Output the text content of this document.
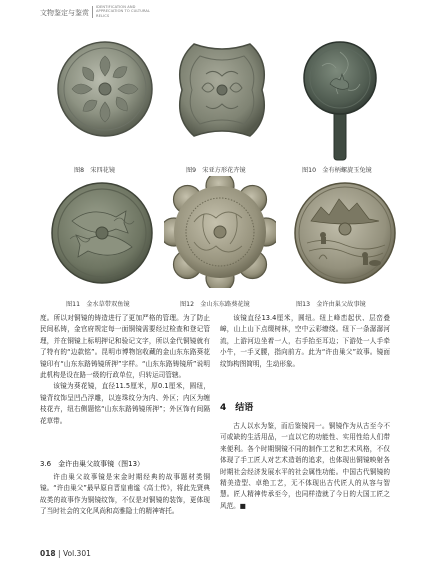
文物鉴定与鉴赏
IDENTIFICATION AND APPRECIATION TO CULTURAL RELICS
图8　宋四花镜	图9　宋亚方形花卉镜	图10　金有柄螺旋玉兔镜
图11　金水草带双鱼镜	图12　金山东东路葵花镜	图13　金许由巢父故事镜

度。所以对铜镜的铸造进行了更加严格的管理。为了防止民间私铸，金官府规定每一面铜镜需要经过检查和登记管理，并在铜镜上标明押记和验记文字，所以金代铜镜就有了特有的“边款铭”。昆明市博物馆收藏的金山东东路葵花镜印有“山东东路铸镜所押”字样。“山东东路铸镜所”说明此机构是设在路一级的行政单位，归转运司管辖。

该镜为葵花镜，直径11.5厘米，厚0.1厘米，圆纽，镜背纹饰呈凹凸浮雕，以连珠纹分为内、外区；内区为缠枝花卉，纽右侧题铭“山东东路铸镜所押”；外区饰有间隔花草带。

3.6　金许由巢父故事镜（图13）

许由巢父故事镜是宋金时期经典的故事题材类铜镜。“许由巢父”最早原自晋皇甫谧《高士传》，将此先贤典故类的故事作为铜镜纹饰，不仅是对铜镜的装饰，更体现了当时社会的文化风尚和高雅隐士的精神寄托。

该镜直径13.4厘米，圆纽。纽上峰峦起伏、层峦叠嶂，山上山下点缀树林，空中云彩缭绕。纽下一条潺潺河流，上游河边坐着一人，右手抬至耳边；下游处一人手牵小牛，一手叉腰，指向前方。此为“许由巢父”故事。镜面纹饰构图简明，生动形象。

4　结语

古人以水为鉴，而后鉴镜同一。铜镜作为从古至今不可或缺的生活用品，一直以它的功能性、实用性给人们带来便利。各个时期铜镜不同的制作工艺和艺术风格，不仅体现了手工匠人对艺术造诣的追求，也体现出铜镜映射各时期社会经济发展水平的社会属性功能。中国古代铜镜的精美造型、卓绝工艺，无不体现出古代匠人的从容与智慧。匠人精神传承至今，也同样造就了今日的大国工匠之风范。■

018 | Vol.301
